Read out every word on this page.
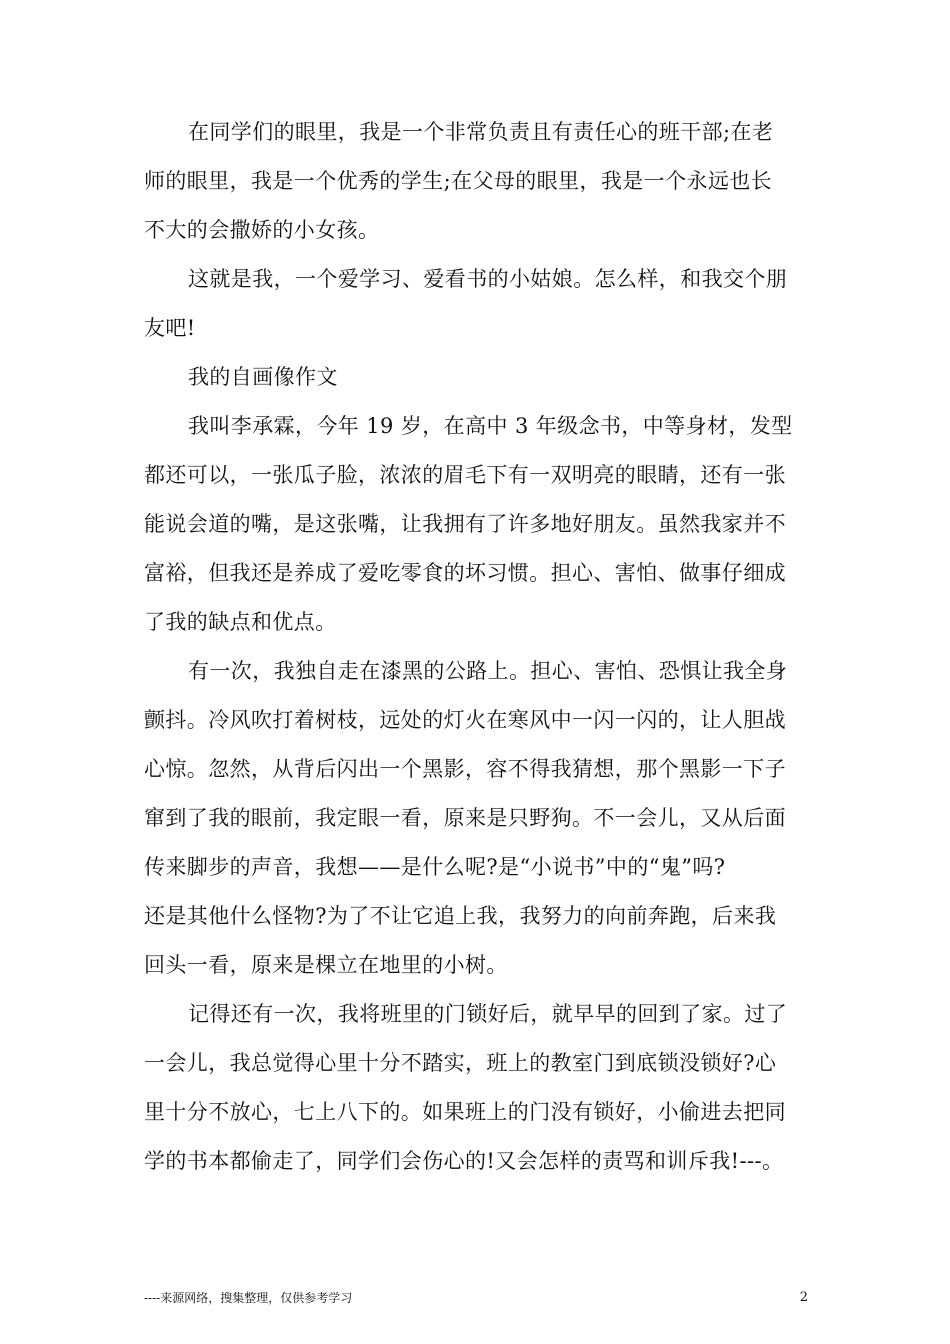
在同学们的眼里，我是一个非常负责且有责任心的班干部;在老
师的眼里，我是一个优秀的学生;在父母的眼里，我是一个永远也长
不大的会撒娇的小女孩。
这就是我，一个爱学习、爱看书的小姑娘。怎么样，和我交个朋
友吧!
我的自画像作文
我叫李承霖，今年 19 岁，在高中 3 年级念书，中等身材，发型
都还可以，一张瓜子脸，浓浓的眉毛下有一双明亮的眼睛，还有一张
能说会道的嘴，是这张嘴，让我拥有了许多地好朋友。虽然我家并不
富裕，但我还是养成了爱吃零食的坏习惯。担心、害怕、做事仔细成
了我的缺点和优点。
有一次，我独自走在漆黑的公路上。担心、害怕、恐惧让我全身
颤抖。冷风吹打着树枝，远处的灯火在寒风中一闪一闪的，让人胆战
心惊。忽然，从背后闪出一个黑影，容不得我猜想，那个黑影一下子
窜到了我的眼前，我定眼一看，原来是只野狗。不一会儿，又从后面
传来脚步的声音，我想——是什么呢?是“小说书”中的“鬼”吗?
还是其他什么怪物?为了不让它追上我，我努力的向前奔跑，后来我
回头一看，原来是棵立在地里的小树。
记得还有一次，我将班里的门锁好后，就早早的回到了家。过了
一会儿，我总觉得心里十分不踏实，班上的教室门到底锁没锁好?心
里十分不放心，七上八下的。如果班上的门没有锁好，小偷进去把同
学的书本都偷走了，同学们会伤心的!又会怎样的责骂和训斥我!---。
----来源网络，搜集整理，仅供参考学习	2
